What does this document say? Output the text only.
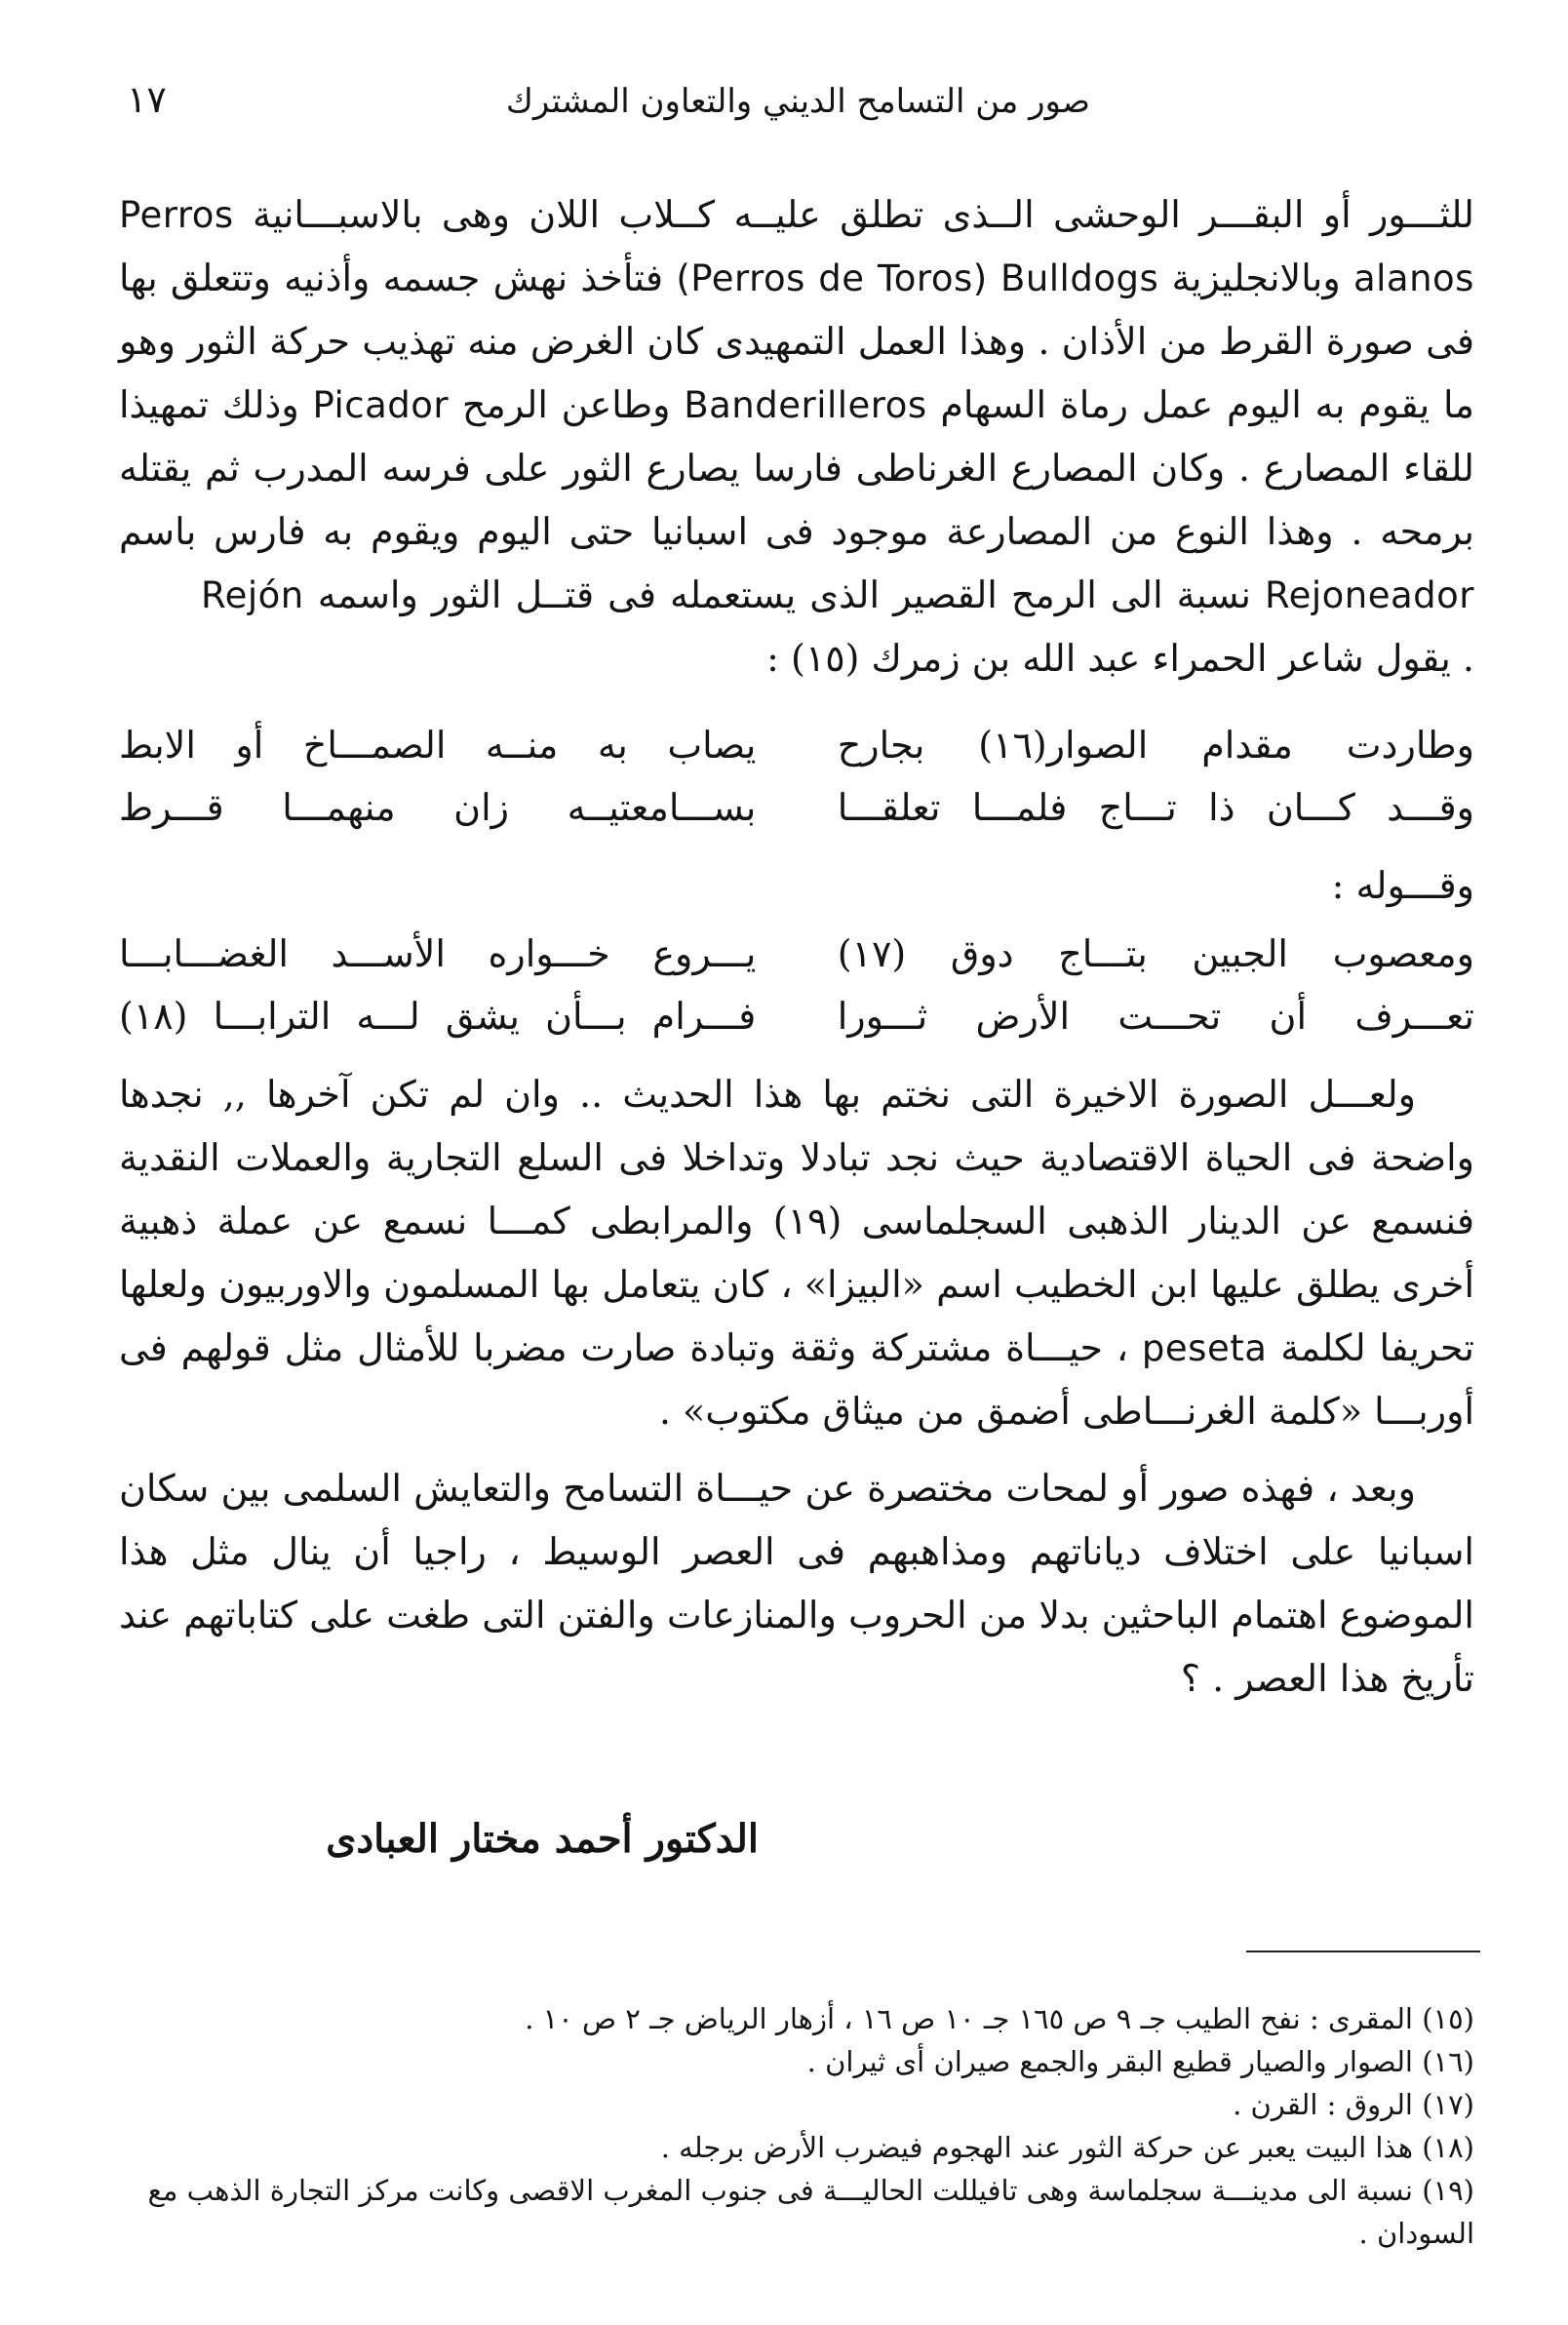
صور من التسامح الديني والتعاون المشترك
١٧

للثـــور أو البقـــر الوحشى الــذى تطلق عليــه كــلاب اللان وهى بالاسبـــانية Perros alanos وبالانجليزية Bulldogs (Perros de Toros) فتأخذ نهش جسمه وأذنيه وتتعلق بها فى صورة القرط من الأذان . وهذا العمل التمهيدى كان الغرض منه تهذيب حركة الثور وهو ما يقوم به اليوم عمل رماة السهام Banderilleros وطاعن الرمح Picador وذلك تمهيذا للقاء المصارع . وكان المصارع الغرناطى فارسا يصارع الثور على فرسه المدرب ثم يقتله برمحه . وهذا النوع من المصارعة موجود فى اسبانيا حتى اليوم ويقوم به فارس باسم Rejoneador نسبة الى الرمح القصير الذى يستعمله فى قتــل الثور واسمه Rejón  . يقول شاعر الحمراء عبد الله بن زمرك (١٥) :

وطاردت مقدام الصوار(١٦) بجارح
يصاب به منــه الصمـــاخ أو الابط
وقـــد كـــان ذا تـــاج فلمـــا تعلقـــا
بســـامعتيــه زان منهمـــا قـــرط
وقـــوله :
ومعصوب الجبين بتـــاج دوق (١٧)
يـــروع خـــواره الأســـد الغضـــابـــا
تعـــرف أن تحـــت الأرض ثـــورا
فـــرام بـــأن يشق لـــه الترابـــا (١٨)

ولعـــل الصورة الاخيرة التى نختم بها هذا الحديث .. وان لم تكن آخرها ,, نجدها واضحة فى الحياة الاقتصادية حيث نجد تبادلا وتداخلا فى السلع التجارية والعملات النقدية فنسمع عن الدينار الذهبى السجلماسى (١٩) والمرابطى كمـــا نسمع عن عملة ذهبية أخرى يطلق عليها ابن الخطيب اسم «البيزا» ، كان يتعامل بها المسلمون والاوربيون ولعلها تحريفا لكلمة peseta ، حيـــاة مشتركة وثقة وتبادة صارت مضربا للأمثال مثل قولهم فى أوربـــا «كلمة الغرنـــاطى أضمق من ميثاق مكتوب» .

وبعد ، فهذه صور أو لمحات مختصرة عن حيـــاة التسامح والتعايش السلمى بين سكان اسبانيا على اختلاف دياناتهم ومذاهبهم فى العصر الوسيط ، راجيا أن ينال مثل هذا الموضوع اهتمام الباحثين بدلا من الحروب والمنازعات والفتن التى طغت على كتاباتهم عند تأريخ هذا العصر . ؟

الدكتور أحمد مختار العبادى

(١٥) المقرى : نفح الطيب جـ ٩ ص ١٦٥ جـ ١٠ ص ١٦ ، أزهار الرياض جـ ٢ ص ١٠ .

(١٦) الصوار والصيار قطيع البقر والجمع صيران أى ثيران .

(١٧) الروق : القرن .

(١٨) هذا البيت يعبر عن حركة الثور عند الهجوم فيضرب الأرض برجله .

(١٩) نسبة الى مدينـــة سجلماسة وهى تافيللت الحاليـــة فى جنوب المغرب الاقصى وكانت مركز التجارة الذهب مع السودان .
